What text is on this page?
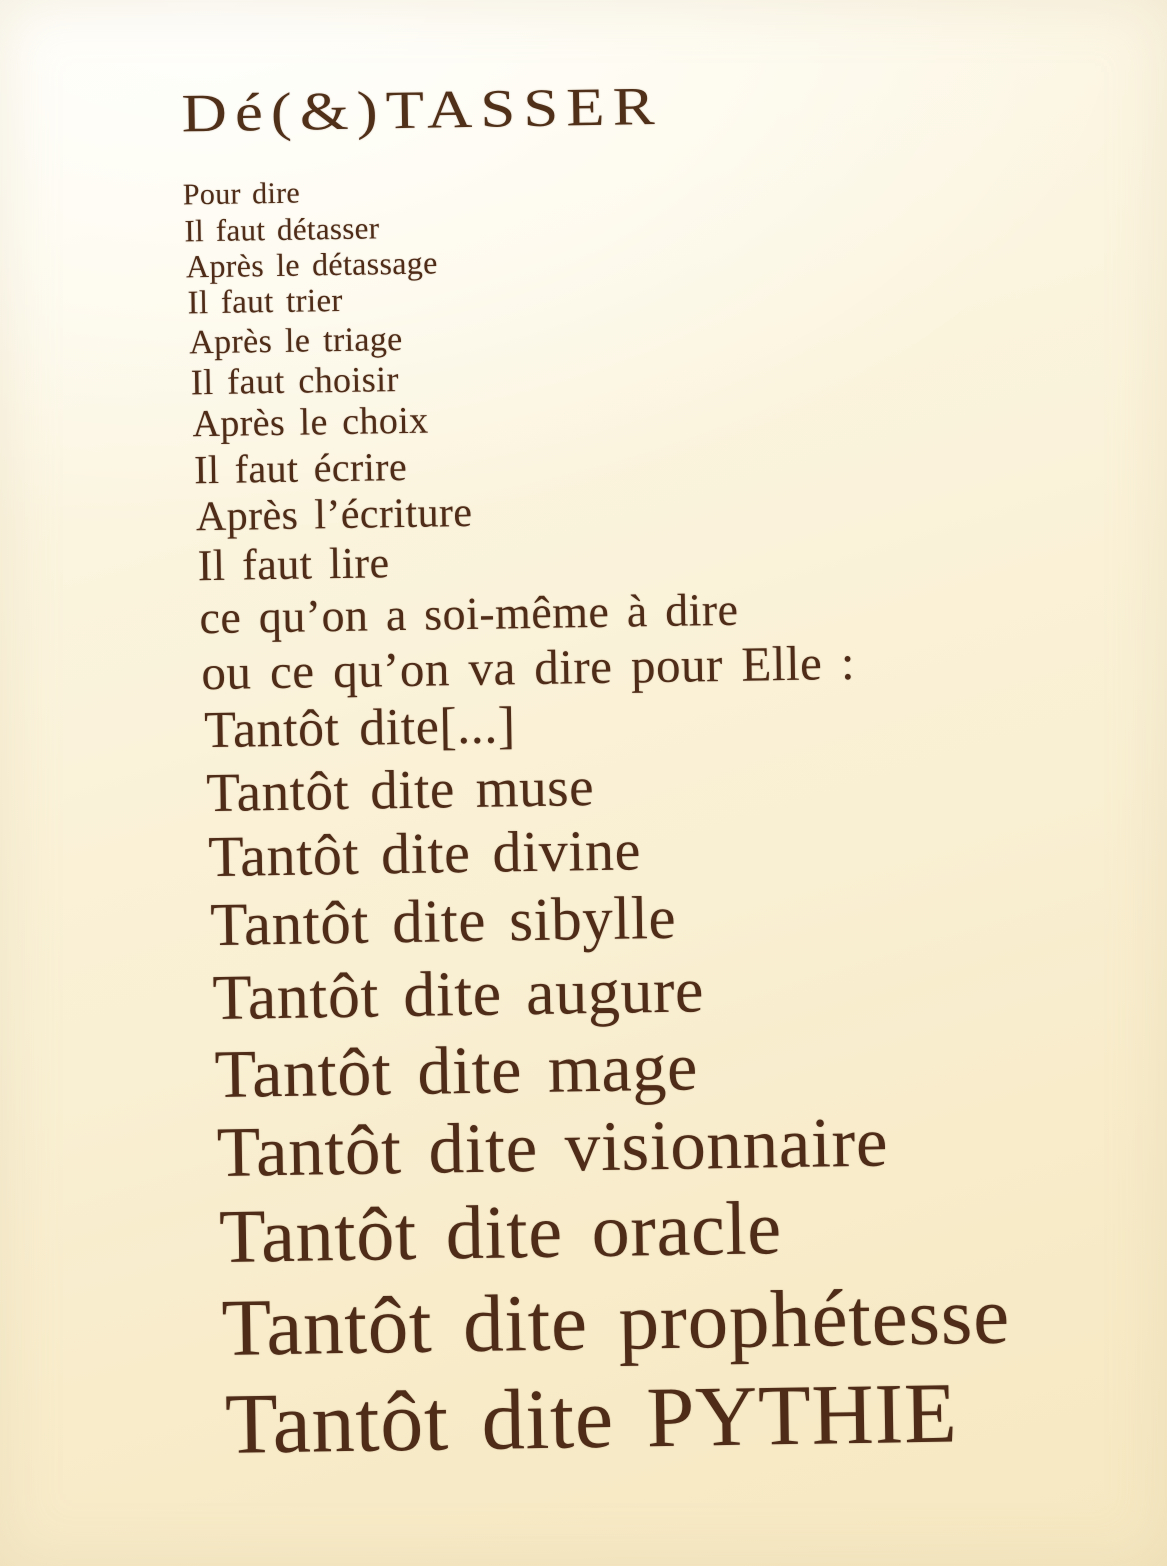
Dé(&)TASSER
Pour dire
Il faut détasser
Après le détassage
Il faut trier
Après le triage
Il faut choisir
Après le choix
Il faut écrire
Après l’écriture
Il faut lire
ce qu’on a soi-même à dire
ou ce qu’on va dire pour Elle :
Tantôt dite[...]
Tantôt dite muse
Tantôt dite divine
Tantôt dite sibylle
Tantôt dite augure
Tantôt dite mage
Tantôt dite visionnaire
Tantôt dite oracle
Tantôt dite prophétesse
Tantôt dite PYTHIE
